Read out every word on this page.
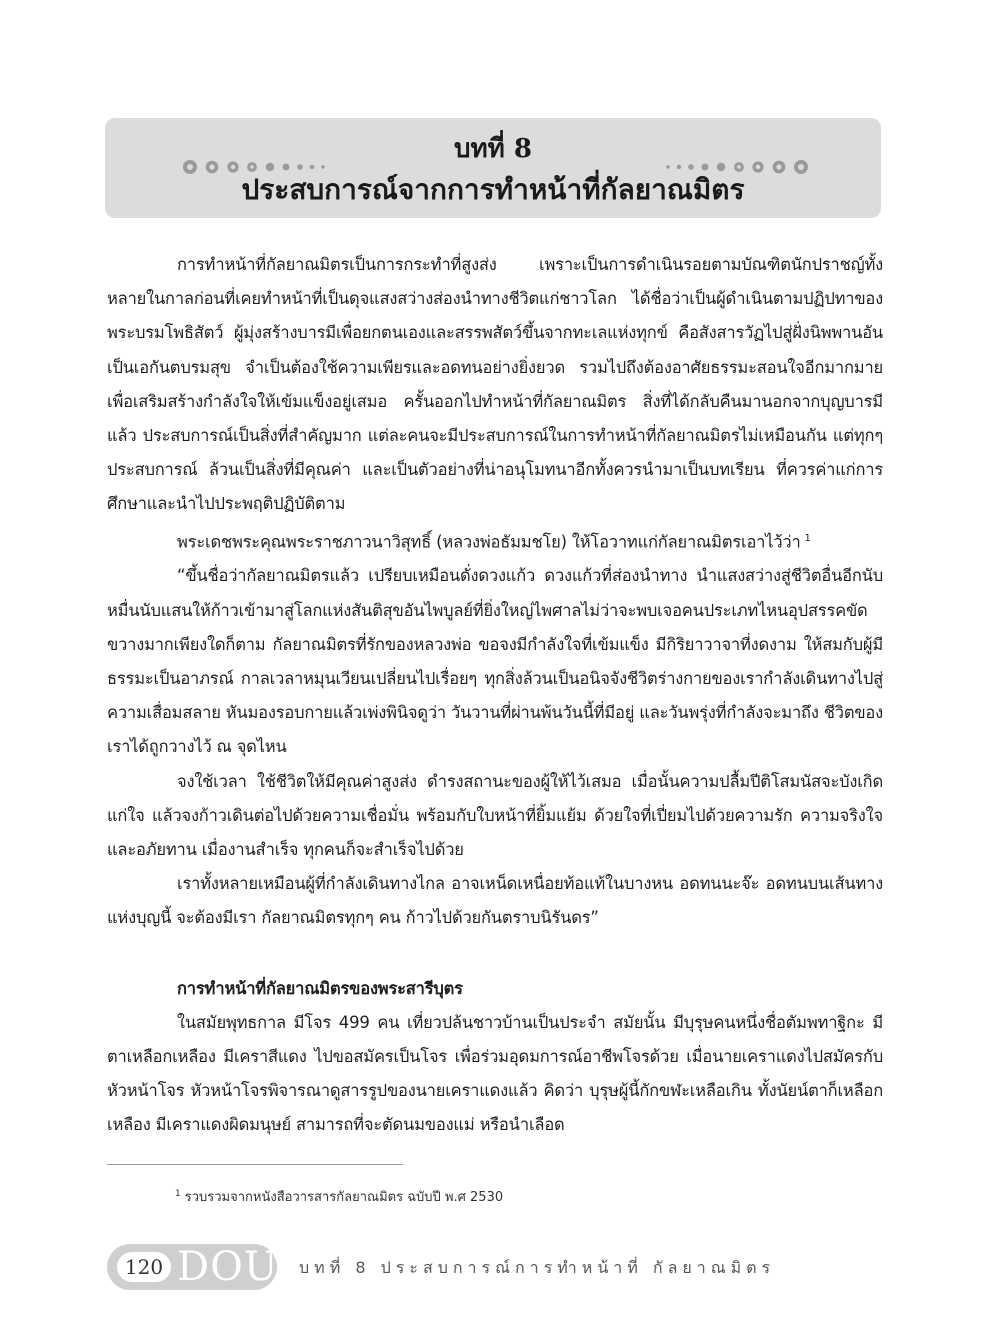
บทที่ 8
ประสบการณ์จากการทำหน้าที่กัลยาณมิตร

การทำหน้าที่กัลยาณมิตรเป็นการกระทำที่สูงส่ง เพราะเป็นการดำเนินรอยตามบัณฑิตนักปราชญ์ทั้งหลายในกาลก่อนที่เคยทำหน้าที่เป็นดุจแสงสว่างส่องนำทางชีวิตแก่ชาวโลก ได้ชื่อว่าเป็นผู้ดำเนินตามปฏิปทาของพระบรมโพธิสัตว์ ผู้มุ่งสร้างบารมีเพื่อยกตนเองและสรรพสัตว์ขึ้นจากทะเลแห่งทุกข์ คือสังสารวัฏไปสู่ฝั่งนิพพานอันเป็นเอกันตบรมสุข จำเป็นต้องใช้ความเพียรและอดทนอย่างยิ่งยวด รวมไปถึงต้องอาศัยธรรมะสอนใจอีกมากมาย เพื่อเสริมสร้างกำลังใจให้เข้มแข็งอยู่เสมอ ครั้นออกไปทำหน้าที่กัลยาณมิตร สิ่งที่ได้กลับคืนมานอกจากบุญบารมีแล้ว ประสบการณ์เป็นสิ่งที่สำคัญมาก แต่ละคนจะมีประสบการณ์ในการทำหน้าที่กัลยาณมิตรไม่เหมือนกัน แต่ทุกๆ ประสบการณ์ ล้วนเป็นสิ่งที่มีคุณค่า และเป็นตัวอย่างที่น่าอนุโมทนาอีกทั้งควรนำมาเป็นบทเรียน ที่ควรค่าแก่การศึกษาและนำไปประพฤติปฏิบัติตาม

พระเดชพระคุณพระราชภาวนาวิสุทธิ์ (หลวงพ่อธัมมชโย) ให้โอวาทแก่กัลยาณมิตรเอาไว้ว่า $^1$

“ขึ้นชื่อว่ากัลยาณมิตรแล้ว เปรียบเหมือนดั่งดวงแก้ว ดวงแก้วที่ส่องนำทาง นำแสงสว่างสู่ชีวิตอื่นอีกนับหมื่นนับแสนให้ก้าวเข้ามาสู่โลกแห่งสันติสุขอันไพบูลย์ที่ยิ่งใหญ่ไพศาลไม่ว่าจะพบเจอคนประเภทไหนอุปสรรคขัดขวางมากเพียงใดก็ตาม กัลยาณมิตรที่รักของหลวงพ่อ ขอจงมีกำลังใจที่เข้มแข็ง มีกิริยาวาจาที่งดงาม ให้สมกับผู้มีธรรมะเป็นอาภรณ์ กาลเวลาหมุนเวียนเปลี่ยนไปเรื่อยๆ ทุกสิ่งล้วนเป็นอนิจจังชีวิตร่างกายของเรากำลังเดินทางไปสู่ความเสื่อมสลาย หันมองรอบกายแล้วเพ่งพินิจดูว่า วันวานที่ผ่านพ้นวันนี้ที่มีอยู่ และวันพรุ่งที่กำลังจะมาถึง ชีวิตของเราได้ถูกวางไว้ ณ จุดไหน

จงใช้เวลา ใช้ชีวิตให้มีคุณค่าสูงส่ง ดำรงสถานะของผู้ให้ไว้เสมอ เมื่อนั้นความปลื้มปีติโสมนัสจะบังเกิดแก่ใจ แล้วจงก้าวเดินต่อไปด้วยความเชื่อมั่น พร้อมกับใบหน้าที่ยิ้มแย้ม ด้วยใจที่เปี่ยมไปด้วยความรัก ความจริงใจ และอภัยทาน เมื่องานสำเร็จ ทุกคนก็จะสำเร็จไปด้วย

เราทั้งหลายเหมือนผู้ที่กำลังเดินทางไกล อาจเหน็ดเหนื่อยท้อแท้ในบางหน อดทนนะจ๊ะ อดทนบนเส้นทางแห่งบุญนี้ จะต้องมีเรา กัลยาณมิตรทุกๆ คน ก้าวไปด้วยกันตราบนิรันดร”

การทำหน้าที่กัลยาณมิตรของพระสารีบุตร

ในสมัยพุทธกาล มีโจร 499 คน เที่ยวปล้นชาวบ้านเป็นประจำ สมัยนั้น มีบุรุษคนหนึ่งชื่อตัมพทาฐิกะ มีตาเหลือกเหลือง มีเคราสีแดง ไปขอสมัครเป็นโจร เพื่อร่วมอุดมการณ์อาชีพโจรด้วย เมื่อนายเคราแดงไปสมัครกับหัวหน้าโจร หัวหน้าโจรพิจารณาดูสารรูปของนายเคราแดงแล้ว คิดว่า บุรุษผู้นี้กักขฬะเหลือเกิน ทั้งนัยน์ตาก็เหลือกเหลือง มีเคราแดงผิดมนุษย์ สามารถที่จะตัดนมของแม่ หรือนำเลือด

$^1$ รวบรวมจากหนังสือวารสารกัลยาณมิตร ฉบับปี พ.ศ 2530
120 DOU บทที่ 8 ประสบการณ์การทำหน้าที่ กัลยาณมิตร
